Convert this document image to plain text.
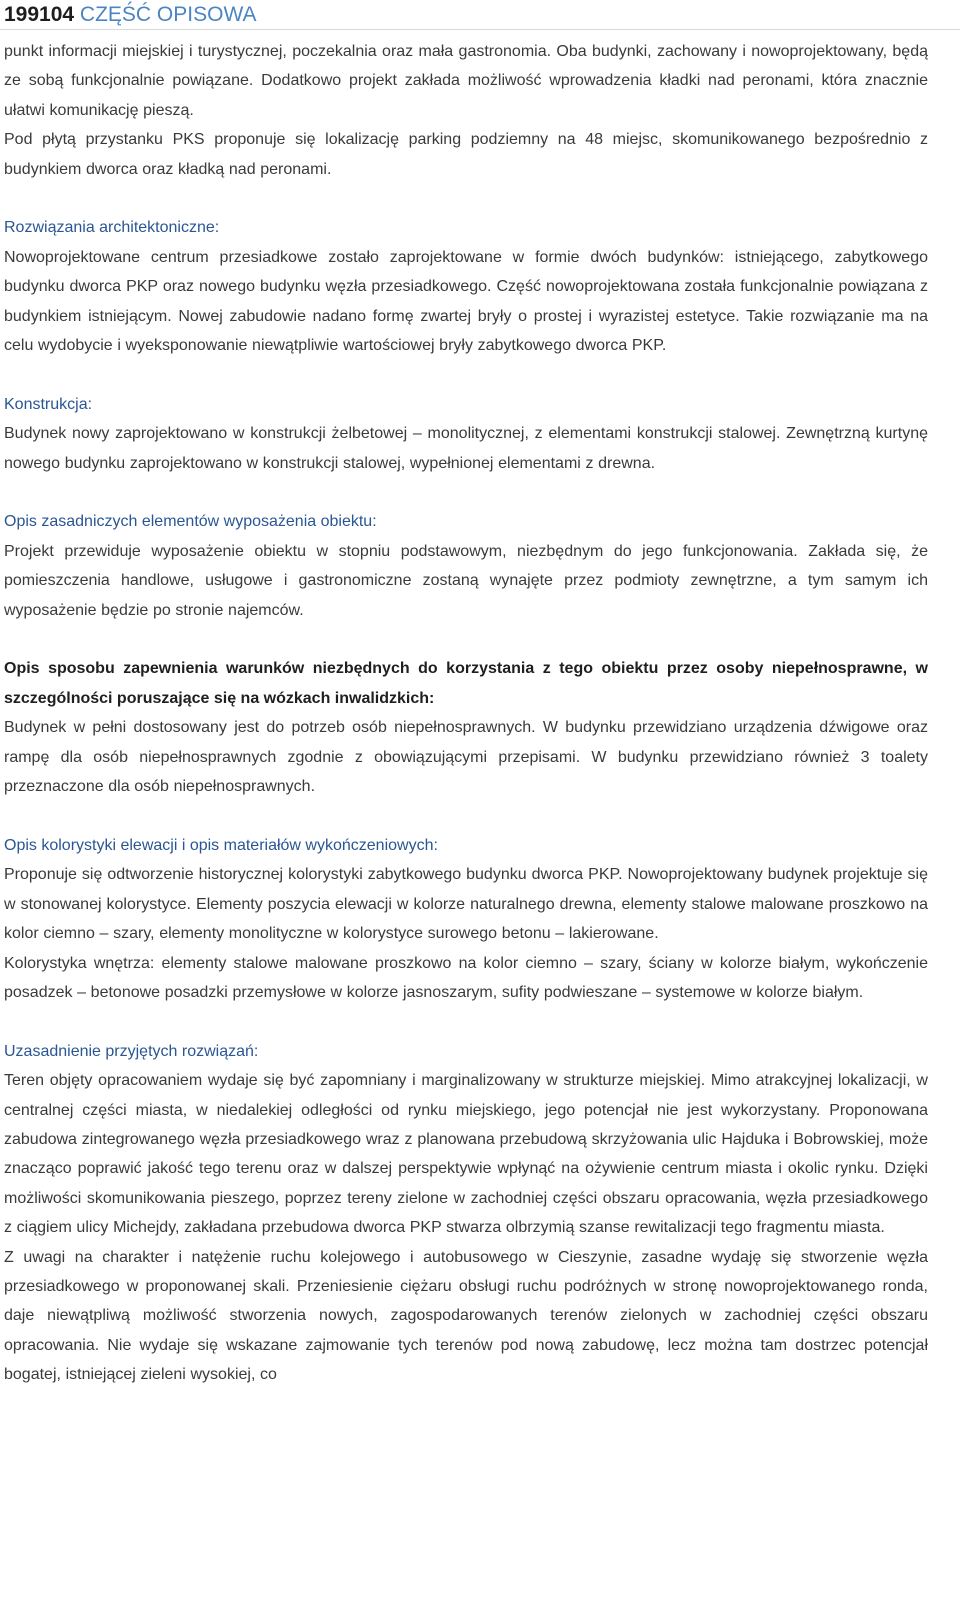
199104 CZĘŚĆ OPISOWA

punkt informacji miejskiej i turystycznej, poczekalnia oraz mała gastronomia. Oba budynki, zachowany i nowoprojektowany, będą ze sobą funkcjonalnie powiązane. Dodatkowo projekt zakłada możliwość wprowadzenia kładki nad peronami, która znacznie ułatwi komunikację pieszą.

Pod płytą przystanku PKS proponuje się lokalizację parking podziemny na 48 miejsc, skomunikowanego bezpośrednio z budynkiem dworca oraz kładką nad peronami.

Rozwiązania architektoniczne:

Nowoprojektowane centrum przesiadkowe zostało zaprojektowane w formie dwóch budynków: istniejącego, zabytkowego budynku dworca PKP oraz nowego budynku węzła przesiadkowego. Część nowoprojektowana została funkcjonalnie powiązana z budynkiem istniejącym. Nowej zabudowie nadano formę zwartej bryły o prostej i wyrazistej estetyce. Takie rozwiązanie ma na celu wydobycie i wyeksponowanie niewątpliwie wartościowej bryły zabytkowego dworca PKP.

Konstrukcja:

Budynek nowy zaprojektowano w konstrukcji żelbetowej – monolitycznej, z elementami konstrukcji stalowej. Zewnętrzną kurtynę nowego budynku zaprojektowano w konstrukcji stalowej, wypełnionej elementami z drewna.

Opis zasadniczych elementów wyposażenia obiektu:

Projekt przewiduje wyposażenie obiektu w stopniu podstawowym, niezbędnym do jego funkcjonowania. Zakłada się, że pomieszczenia handlowe, usługowe i gastronomiczne zostaną wynajęte przez podmioty zewnętrzne, a tym samym ich wyposażenie będzie po stronie najemców.

Opis sposobu zapewnienia warunków niezbędnych do korzystania z tego obiektu przez osoby niepełnosprawne, w szczególności poruszające się na wózkach inwalidzkich:

Budynek w pełni dostosowany jest do potrzeb osób niepełnosprawnych. W budynku przewidziano urządzenia dźwigowe oraz rampę dla osób niepełnosprawnych zgodnie z obowiązującymi przepisami. W budynku przewidziano również 3 toalety przeznaczone dla osób niepełnosprawnych.

Opis kolorystyki elewacji i opis materiałów wykończeniowych:

Proponuje się odtworzenie historycznej kolorystyki zabytkowego budynku dworca PKP. Nowoprojektowany budynek projektuje się w stonowanej kolorystyce. Elementy poszycia elewacji w kolorze naturalnego drewna, elementy stalowe malowane proszkowo na kolor ciemno – szary, elementy monolityczne w kolorystyce surowego betonu – lakierowane.

Kolorystyka wnętrza: elementy stalowe malowane proszkowo na kolor ciemno – szary, ściany w kolorze białym, wykończenie posadzek – betonowe posadzki przemysłowe w kolorze jasnoszarym, sufity podwieszane – systemowe w kolorze białym.

Uzasadnienie przyjętych rozwiązań:

Teren objęty opracowaniem wydaje się być zapomniany i marginalizowany w strukturze miejskiej. Mimo atrakcyjnej lokalizacji, w centralnej części miasta, w niedalekiej odległości od rynku miejskiego, jego potencjał nie jest wykorzystany. Proponowana zabudowa zintegrowanego węzła przesiadkowego wraz z planowana przebudową skrzyżowania ulic Hajduka i Bobrowskiej, może znacząco poprawić jakość tego terenu oraz w dalszej perspektywie wpłynąć na ożywienie centrum miasta i okolic rynku. Dzięki możliwości skomunikowania pieszego, poprzez tereny zielone w zachodniej części obszaru opracowania, węzła przesiadkowego z ciągiem ulicy Michejdy, zakładana przebudowa dworca PKP stwarza olbrzymią szanse rewitalizacji tego fragmentu miasta.

Z uwagi na charakter i natężenie ruchu kolejowego i autobusowego w Cieszynie, zasadne wydaję się stworzenie węzła przesiadkowego w proponowanej skali. Przeniesienie ciężaru obsługi ruchu podróżnych w stronę nowoprojektowanego ronda, daje niewątpliwą możliwość stworzenia nowych, zagospodarowanych terenów zielonych w zachodniej części obszaru opracowania. Nie wydaje się wskazane zajmowanie tych terenów pod nową zabudowę, lecz można tam dostrzec potencjał bogatej, istniejącej zieleni wysokiej, co
